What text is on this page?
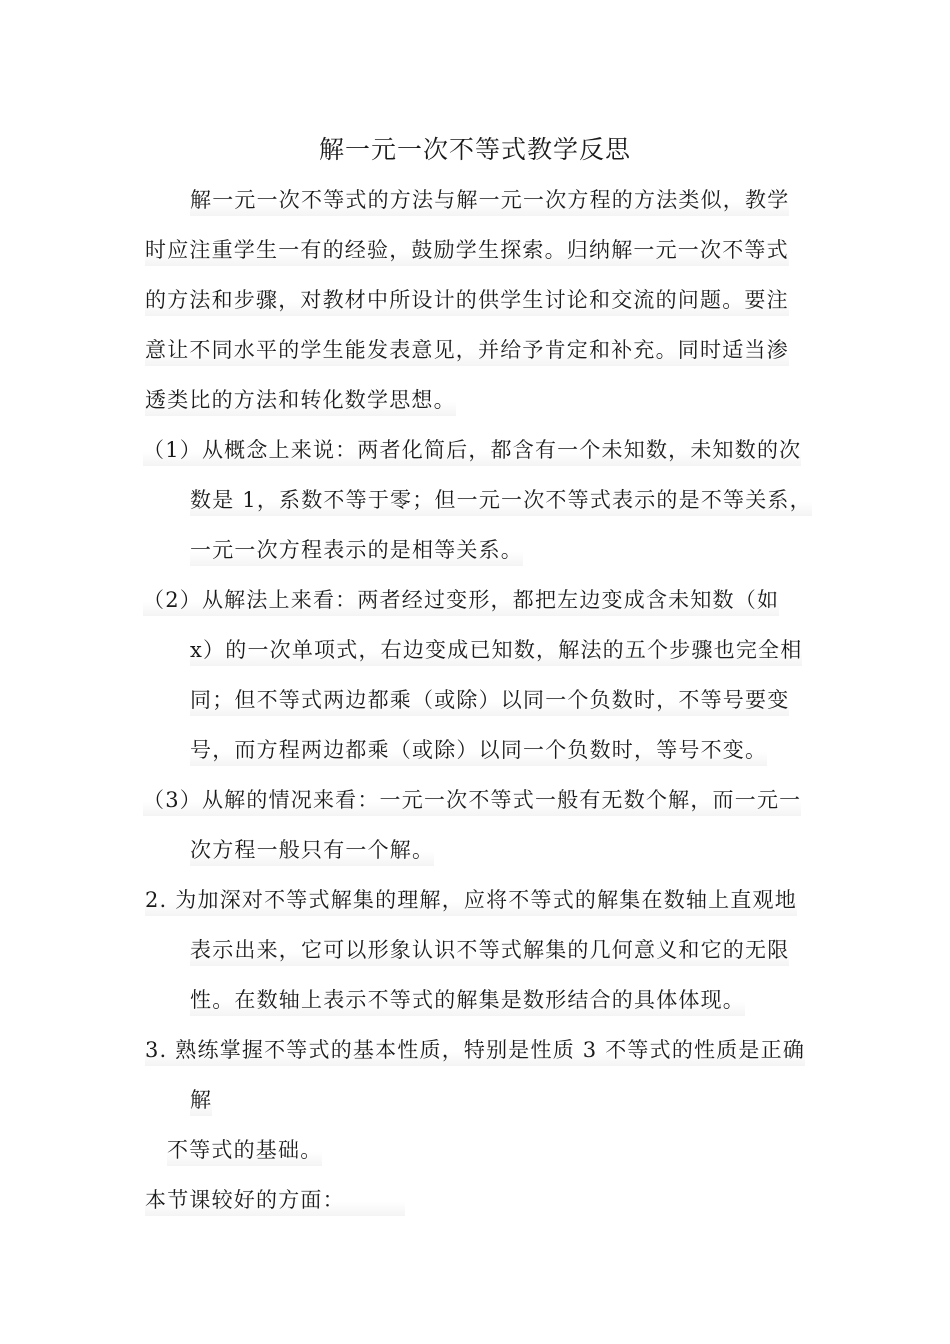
解一元一次不等式教学反思
解一元一次不等式的方法与解一元一次方程的方法类似，教学
时应注重学生一有的经验，鼓励学生探索。归纳解一元一次不等式
的方法和步骤，对教材中所设计的供学生讨论和交流的问题。要注
意让不同水平的学生能发表意见，并给予肯定和补充。同时适当渗
透类比的方法和转化数学思想。
（1）从概念上来说：两者化简后，都含有一个未知数，未知数的次
数是 1，系数不等于零；但一元一次不等式表示的是不等关系，
一元一次方程表示的是相等关系。
（2）从解法上来看：两者经过变形，都把左边变成含未知数（如
x）的一次单项式，右边变成已知数，解法的五个步骤也完全相
同；但不等式两边都乘（或除）以同一个负数时，不等号要变
号，而方程两边都乘（或除）以同一个负数时，等号不变。
（3）从解的情况来看：一元一次不等式一般有无数个解，而一元一
次方程一般只有一个解。
2. 为加深对不等式解集的理解，应将不等式的解集在数轴上直观地
表示出来，它可以形象认识不等式解集的几何意义和它的无限
性。在数轴上表示不等式的解集是数形结合的具体体现。
3. 熟练掌握不等式的基本性质，特别是性质 3 不等式的性质是正确
解
不等式的基础。
本节课较好的方面：
